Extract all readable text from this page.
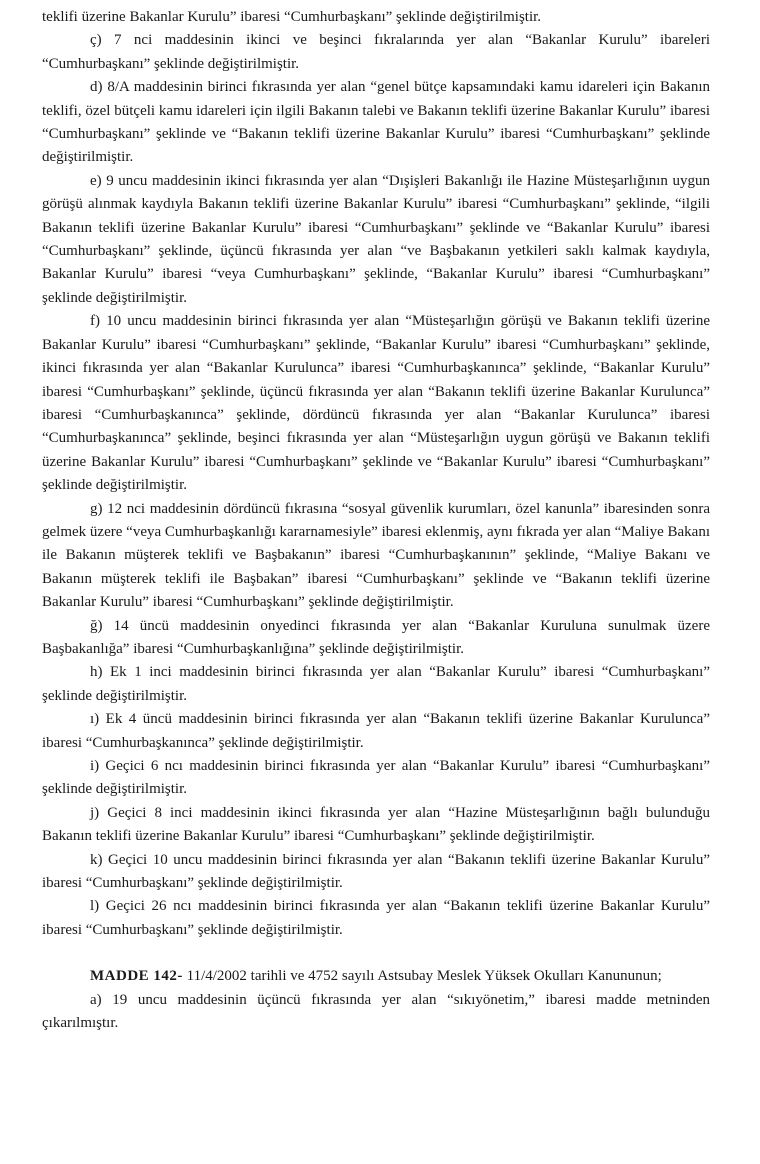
teklifi üzerine Bakanlar Kurulu” ibaresi “Cumhurbaşkanı” şeklinde değiştirilmiştir.

ç) 7 nci maddesinin ikinci ve beşinci fıkralarında yer alan “Bakanlar Kurulu” ibareleri “Cumhurbaşkanı” şeklinde değiştirilmiştir.

d) 8/A maddesinin birinci fıkrasında yer alan “genel bütçe kapsamındaki kamu idareleri için Bakanın teklifi, özel bütçeli kamu idareleri için ilgili Bakanın talebi ve Bakanın teklifi üzerine Bakanlar Kurulu” ibaresi “Cumhurbaşkanı” şeklinde ve “Bakanın teklifi üzerine Bakanlar Kurulu” ibaresi “Cumhurbaşkanı” şeklinde değiştirilmiştir.

e) 9 uncu maddesinin ikinci fıkrasında yer alan “Dışişleri Bakanlığı ile Hazine Müsteşarlığının uygun görüşü alınmak kaydıyla Bakanın teklifi üzerine Bakanlar Kurulu” ibaresi “Cumhurbaşkanı” şeklinde, “ilgili Bakanın teklifi üzerine Bakanlar Kurulu” ibaresi “Cumhurbaşkanı” şeklinde ve “Bakanlar Kurulu” ibaresi “Cumhurbaşkanı” şeklinde, üçüncü fıkrasında yer alan “ve Başbakanın yetkileri saklı kalmak kaydıyla, Bakanlar Kurulu” ibaresi “veya Cumhurbaşkanı” şeklinde, “Bakanlar Kurulu” ibaresi “Cumhurbaşkanı” şeklinde değiştirilmiştir.

f) 10 uncu maddesinin birinci fıkrasında yer alan “Müsteşarlığın görüşü ve Bakanın teklifi üzerine Bakanlar Kurulu” ibaresi “Cumhurbaşkanı” şeklinde, “Bakanlar Kurulu” ibaresi “Cumhurbaşkanı” şeklinde, ikinci fıkrasında yer alan “Bakanlar Kurulunca” ibaresi “Cumhurbaşkanınca” şeklinde, “Bakanlar Kurulu” ibaresi “Cumhurbaşkanı” şeklinde, üçüncü fıkrasında yer alan “Bakanın teklifi üzerine Bakanlar Kurulunca” ibaresi “Cumhurbaşkanınca” şeklinde, dördüncü fıkrasında yer alan “Bakanlar Kurulunca” ibaresi “Cumhurbaşkanınca” şeklinde, beşinci fıkrasında yer alan “Müsteşarlığın uygun görüşü ve Bakanın teklifi üzerine Bakanlar Kurulu” ibaresi “Cumhurbaşkanı” şeklinde ve “Bakanlar Kurulu” ibaresi “Cumhurbaşkanı” şeklinde değiştirilmiştir.

g) 12 nci maddesinin dördüncü fıkrasına “sosyal güvenlik kurumları, özel kanunla” ibaresinden sonra gelmek üzere “veya Cumhurbaşkanlığı kararnamesiyle” ibaresi eklenmiş, aynı fıkrada yer alan “Maliye Bakanı ile Bakanın müşterek teklifi ve Başbakanın” ibaresi “Cumhurbaşkanının” şeklinde, “Maliye Bakanı ve Bakanın müşterek teklifi ile Başbakan” ibaresi “Cumhurbaşkanı” şeklinde ve “Bakanın teklifi üzerine Bakanlar Kurulu” ibaresi “Cumhurbaşkanı” şeklinde değiştirilmiştir.

ğ) 14 üncü maddesinin onyedinci fıkrasında yer alan “Bakanlar Kuruluna sunulmak üzere Başbakanlığa” ibaresi “Cumhurbaşkanlığına” şeklinde değiştirilmiştir.

h) Ek 1 inci maddesinin birinci fıkrasında yer alan “Bakanlar Kurulu” ibaresi “Cumhurbaşkanı” şeklinde değiştirilmiştir.

ı) Ek 4 üncü maddesinin birinci fıkrasında yer alan “Bakanın teklifi üzerine Bakanlar Kurulunca” ibaresi “Cumhurbaşkanınca” şeklinde değiştirilmiştir.

i) Geçici 6 ncı maddesinin birinci fıkrasında yer alan “Bakanlar Kurulu” ibaresi “Cumhurbaşkanı” şeklinde değiştirilmiştir.

j) Geçici 8 inci maddesinin ikinci fıkrasında yer alan “Hazine Müsteşarlığının bağlı bulunduğu Bakanın teklifi üzerine Bakanlar Kurulu” ibaresi “Cumhurbaşkanı” şeklinde değiştirilmiştir.

k) Geçici 10 uncu maddesinin birinci fıkrasında yer alan “Bakanın teklifi üzerine Bakanlar Kurulu” ibaresi “Cumhurbaşkanı” şeklinde değiştirilmiştir.

l) Geçici 26 ncı maddesinin birinci fıkrasında yer alan “Bakanın teklifi üzerine Bakanlar Kurulu” ibaresi “Cumhurbaşkanı” şeklinde değiştirilmiştir.

MADDE 142- 11/4/2002 tarihli ve 4752 sayılı Astsubay Meslek Yüksek Okulları Kanununun;

a) 19 uncu maddesinin üçüncü fıkrasında yer alan “sıkıyönetim,” ibaresi madde metninden çıkarılmıştır.
